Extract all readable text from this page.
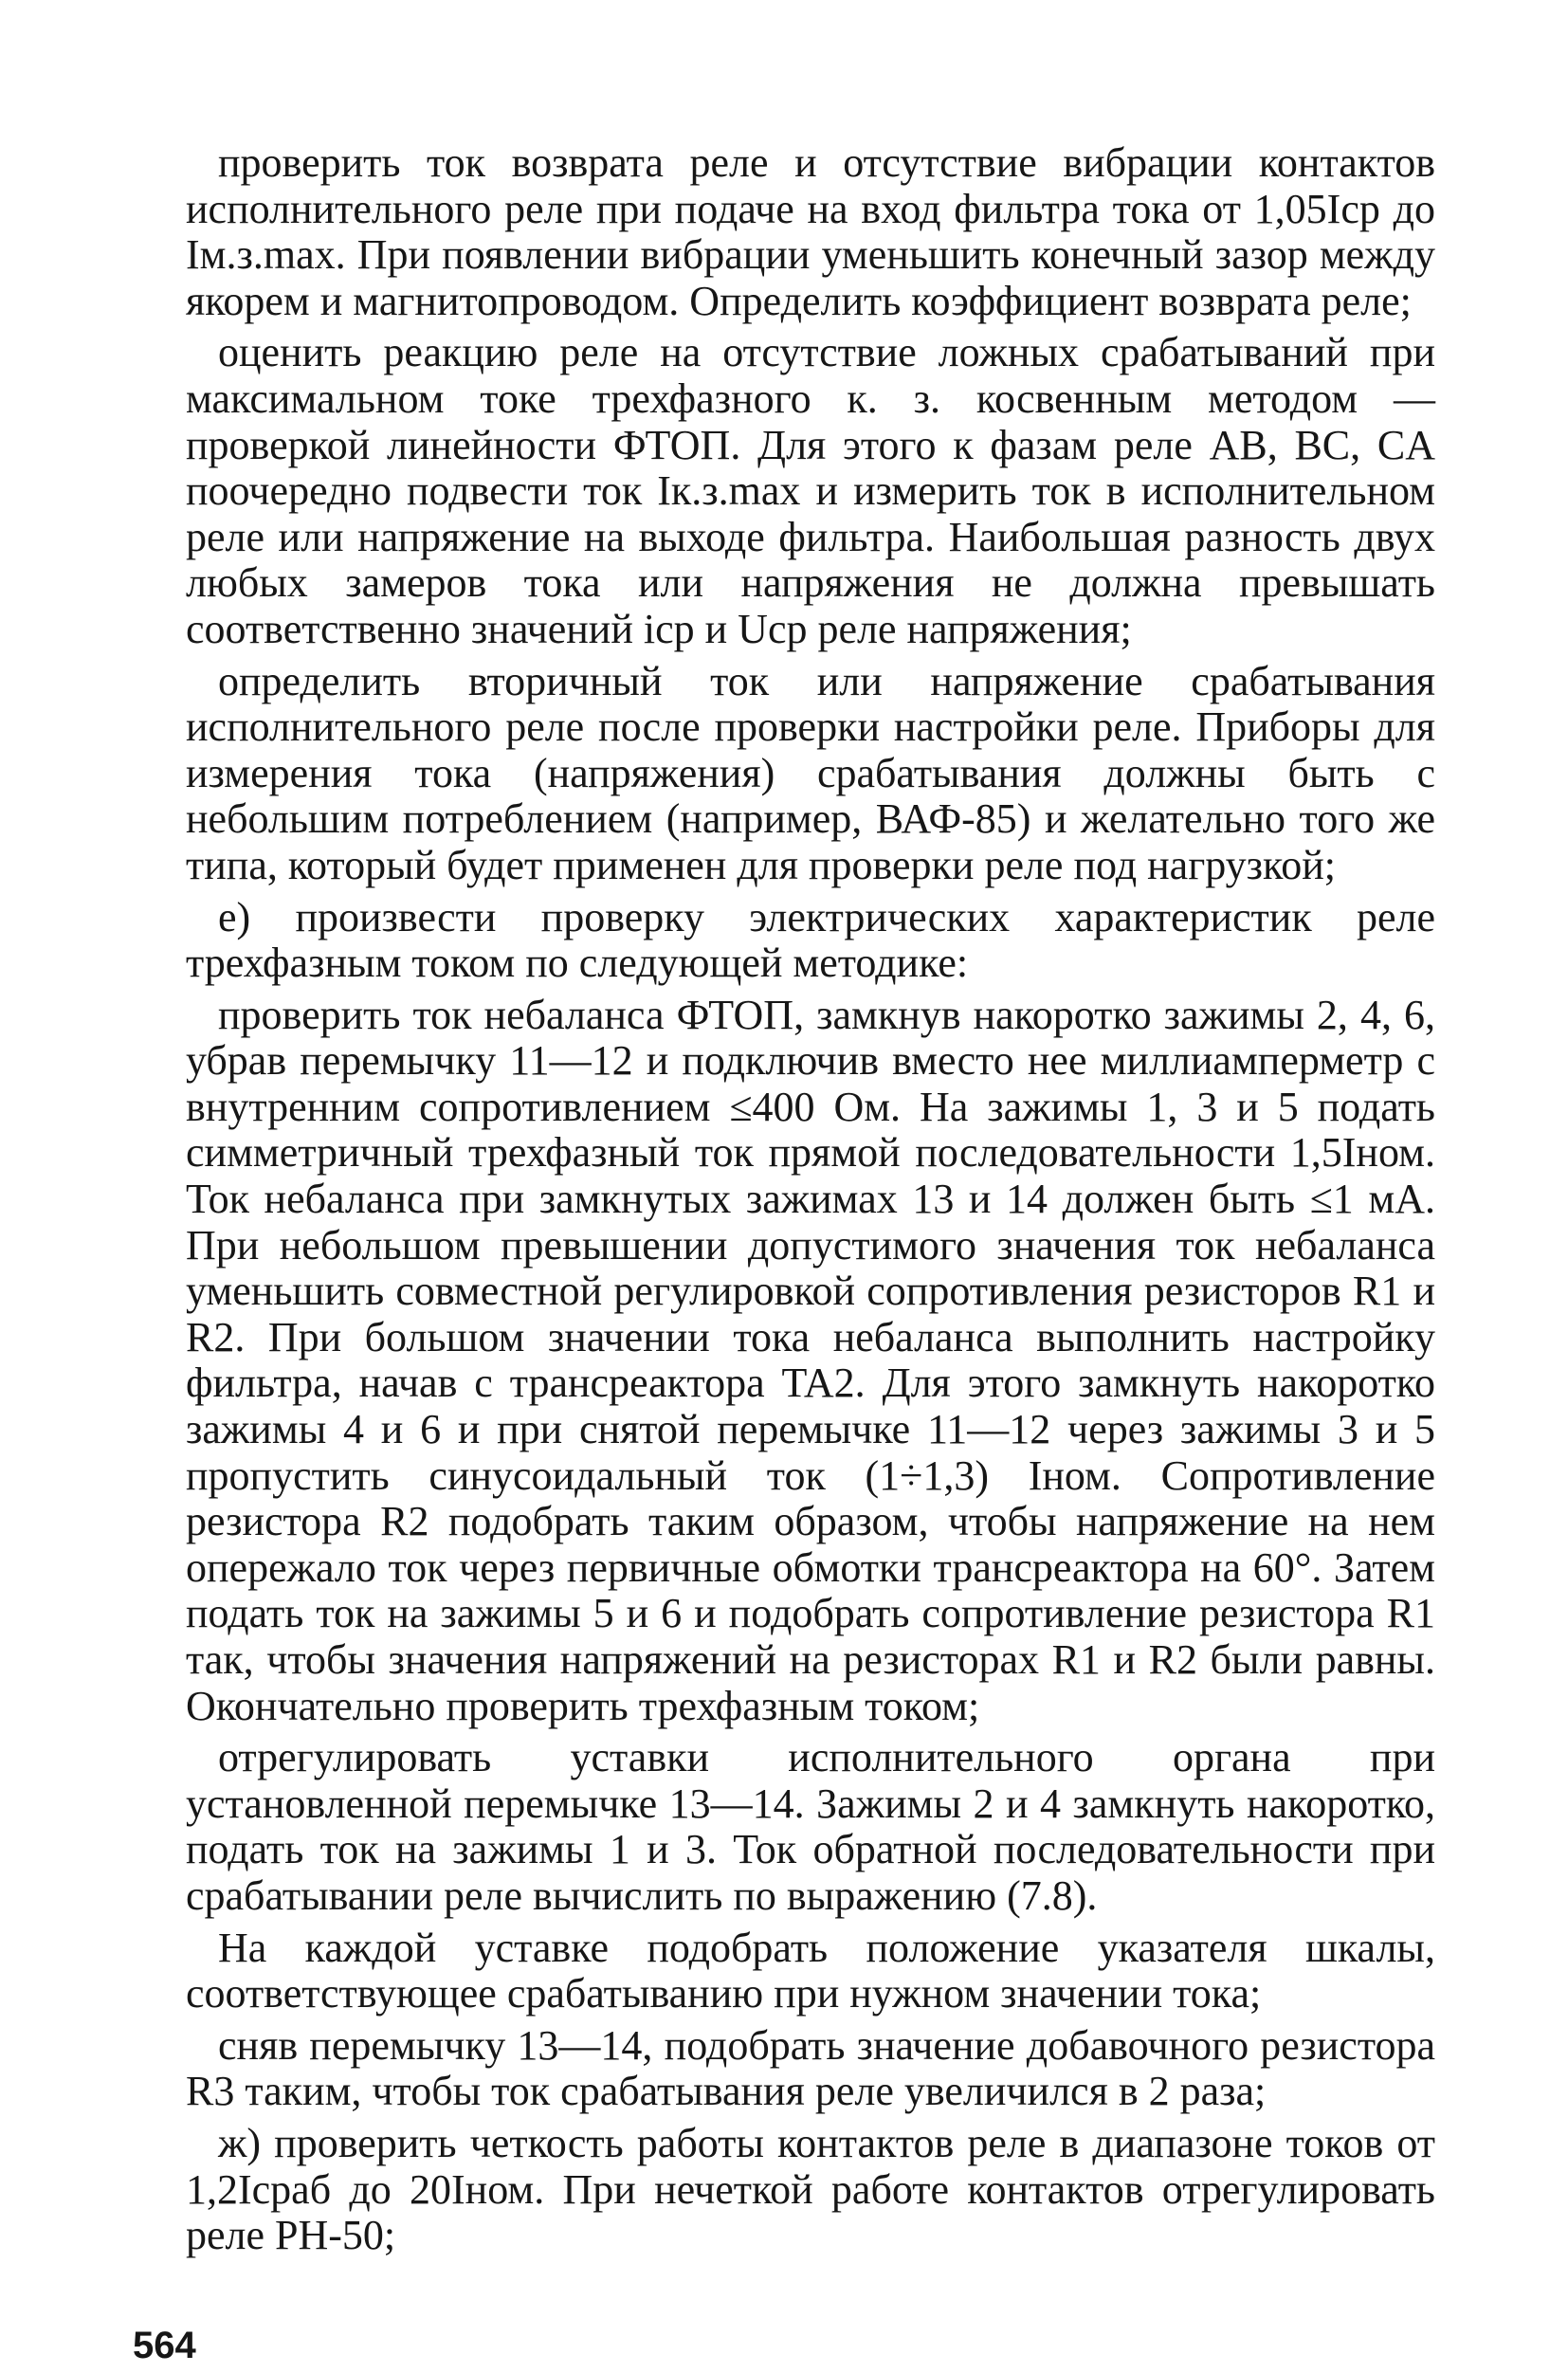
проверить ток возврата реле и отсутствие вибрации контактов исполнительного реле при подаче на вход фильтра тока от 1,05Iср до Iм.з.max. При появлении вибрации уменьшить конечный зазор между якорем и магнитопроводом. Определить коэффициент возврата реле;

оценить реакцию реле на отсутствие ложных срабатываний при максимальном токе трехфазного к. з. косвенным методом — проверкой линейности ФТОП. Для этого к фазам реле AB, BC, CA поочередно подвести ток Iк.з.max и измерить ток в исполнительном реле или напряжение на выходе фильтра. Наибольшая разность двух любых замеров тока или напряжения не должна превышать соответственно значений iср и Uср реле напряжения;

определить вторичный ток или напряжение срабатывания исполнительного реле после проверки настройки реле. Приборы для измерения тока (напряжения) срабатывания должны быть с небольшим потреблением (например, ВАФ-85) и желательно того же типа, который будет применен для проверки реле под нагрузкой;

е) произвести проверку электрических характеристик реле трехфазным током по следующей методике:

проверить ток небаланса ФТОП, замкнув накоротко зажимы 2, 4, 6, убрав перемычку 11—12 и подключив вместо нее миллиамперметр с внутренним сопротивлением ≤400 Ом. На зажимы 1, 3 и 5 подать симметричный трехфазный ток прямой последовательности 1,5Iном. Ток небаланса при замкнутых зажимах 13 и 14 должен быть ≤1 мА. При небольшом превышении допустимого значения ток небаланса уменьшить совместной регулировкой сопротивления резисторов R1 и R2. При большом значении тока небаланса выполнить настройку фильтра, начав с трансреактора TA2. Для этого замкнуть накоротко зажимы 4 и 6 и при снятой перемычке 11—12 через зажимы 3 и 5 пропустить синусоидальный ток (1÷1,3) Iном. Сопротивление резистора R2 подобрать таким образом, чтобы напряжение на нем опережало ток через первичные обмотки трансреактора на 60°. Затем подать ток на зажимы 5 и 6 и подобрать сопротивление резистора R1 так, чтобы значения напряжений на резисторах R1 и R2 были равны. Окончательно проверить трехфазным током;

отрегулировать уставки исполнительного органа при установленной перемычке 13—14. Зажимы 2 и 4 замкнуть накоротко, подать ток на зажимы 1 и 3. Ток обратной последовательности при срабатывании реле вычислить по выражению (7.8).

На каждой уставке подобрать положение указателя шкалы, соответствующее срабатыванию при нужном значении тока;

сняв перемычку 13—14, подобрать значение добавочного резистора R3 таким, чтобы ток срабатывания реле увеличился в 2 раза;

ж) проверить четкость работы контактов реле в диапазоне токов от 1,2Iсраб до 20Iном. При нечеткой работе контактов отрегулировать реле РН-50;

564
